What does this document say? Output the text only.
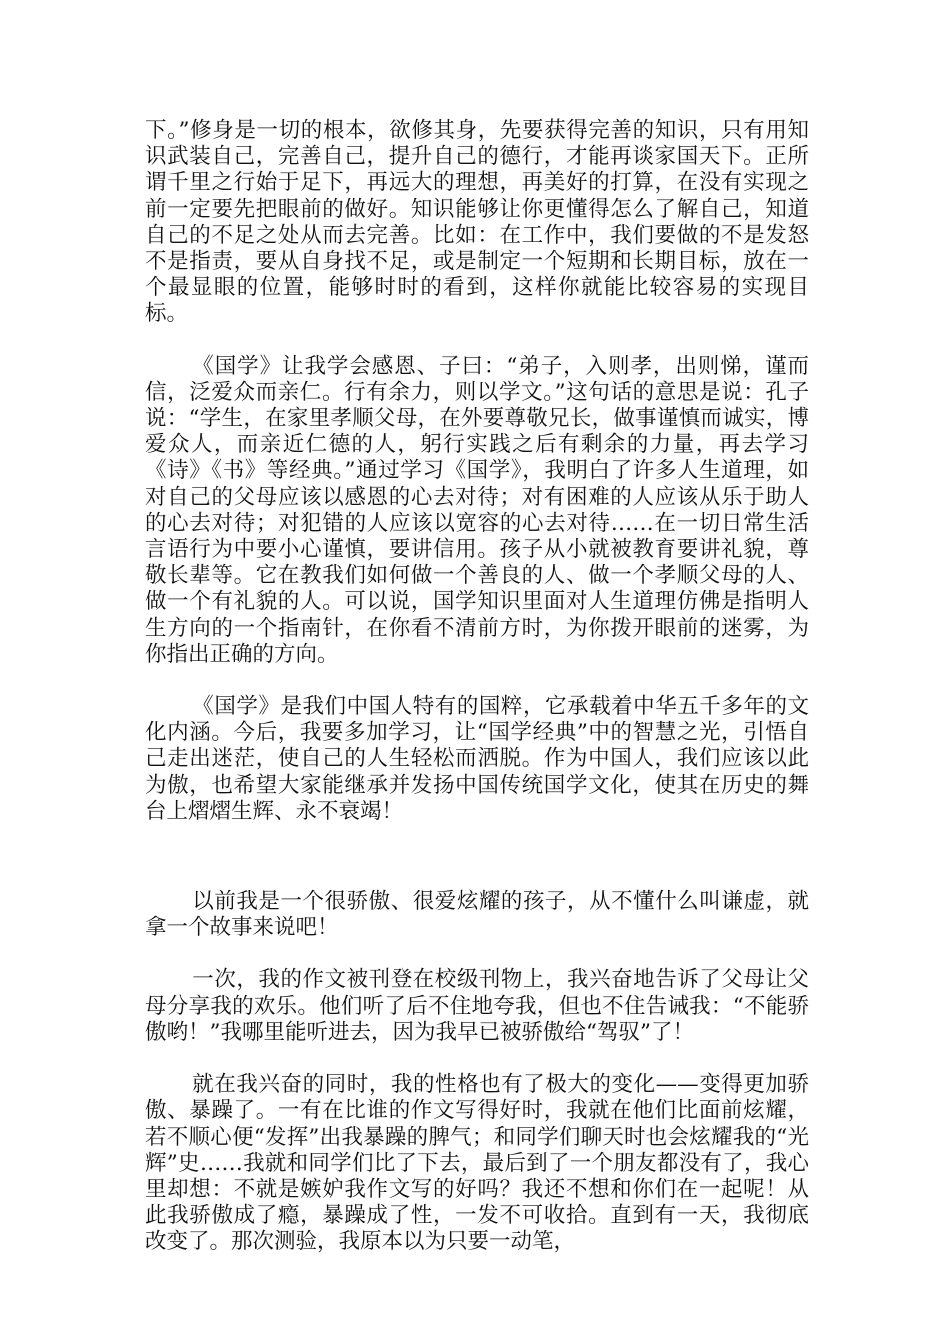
下。”修身是一切的根本，欲修其身，先要获得完善的知识，只有用知识武装自己，完善自己，提升自己的德行，才能再谈家国天下。正所谓千里之行始于足下，再远大的理想，再美好的打算，在没有实现之前一定要先把眼前的做好。知识能够让你更懂得怎么了解自己，知道自己的不足之处从而去完善。比如：在工作中，我们要做的不是发怒不是指责，要从自身找不足，或是制定一个短期和长期目标，放在一个最显眼的位置，能够时时的看到，这样你就能比较容易的实现目标。

《国学》让我学会感恩、子曰：“弟子，入则孝，出则悌，谨而信，泛爱众而亲仁。行有余力，则以学文。”这句话的意思是说：孔子说：“学生，在家里孝顺父母，在外要尊敬兄长，做事谨慎而诚实，博爱众人，而亲近仁德的人，躬行实践之后有剩余的力量，再去学习《诗》《书》等经典。”通过学习《国学》，我明白了许多人生道理，如对自己的父母应该以感恩的心去对待；对有困难的人应该从乐于助人的心去对待；对犯错的人应该以宽容的心去对待……在一切日常生活言语行为中要小心谨慎，要讲信用。孩子从小就被教育要讲礼貌，尊敬长辈等。它在教我们如何做一个善良的人、做一个孝顺父母的人、做一个有礼貌的人。可以说，国学知识里面对人生道理仿佛是指明人生方向的一个指南针，在你看不清前方时，为你拨开眼前的迷雾，为你指出正确的方向。

《国学》是我们中国人特有的国粹，它承载着中华五千多年的文化内涵。今后，我要多加学习，让“国学经典”中的智慧之光，引悟自己走出迷茫，使自己的人生轻松而洒脱。作为中国人，我们应该以此为傲，也希望大家能继承并发扬中国传统国学文化，使其在历史的舞台上熠熠生辉、永不衰竭！

以前我是一个很骄傲、很爱炫耀的孩子，从不懂什么叫谦虚，就拿一个故事来说吧！

一次，我的作文被刊登在校级刊物上，我兴奋地告诉了父母让父母分享我的欢乐。他们听了后不住地夸我，但也不住告诫我：“不能骄傲哟！”我哪里能听进去，因为我早已被骄傲给“驾驭”了！

就在我兴奋的同时，我的性格也有了极大的变化——变得更加骄傲、暴躁了。一有在比谁的作文写得好时，我就在他们比面前炫耀，若不顺心便“发挥”出我暴躁的脾气；和同学们聊天时也会炫耀我的“光辉”史……我就和同学们比了下去，最后到了一个朋友都没有了，我心里却想：不就是嫉妒我作文写的好吗？我还不想和你们在一起呢！从此我骄傲成了瘾，暴躁成了性，一发不可收拾。直到有一天，我彻底改变了。那次测验，我原本以为只要一动笔，
